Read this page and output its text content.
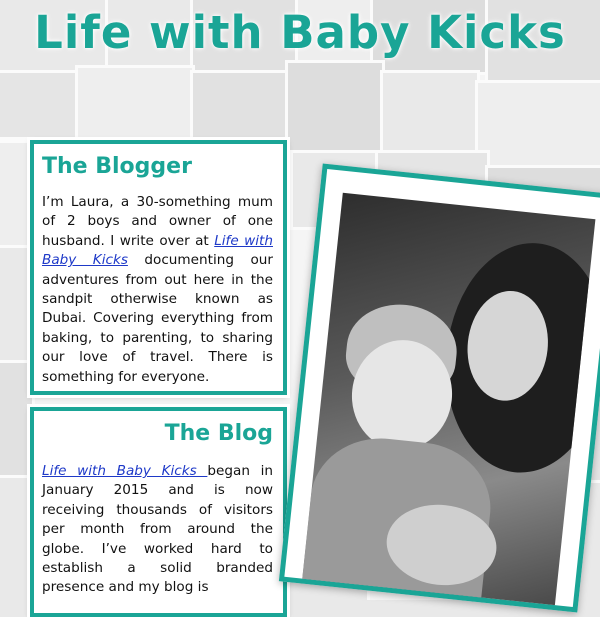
Life with Baby Kicks
The Blogger

I’m Laura, a 30-something mum of 2 boys and owner of one husband. I write over at Life with Baby Kicks documenting our adventures from out here in the sandpit otherwise known as Dubai. Covering everything from baking, to parenting, to sharing our love of travel. There is something for everyone.

The Blog

Life with Baby Kicks began in January 2015 and is now receiving thousands of visitors per month from around the globe. I’ve worked hard to establish a solid branded presence and my blog is
